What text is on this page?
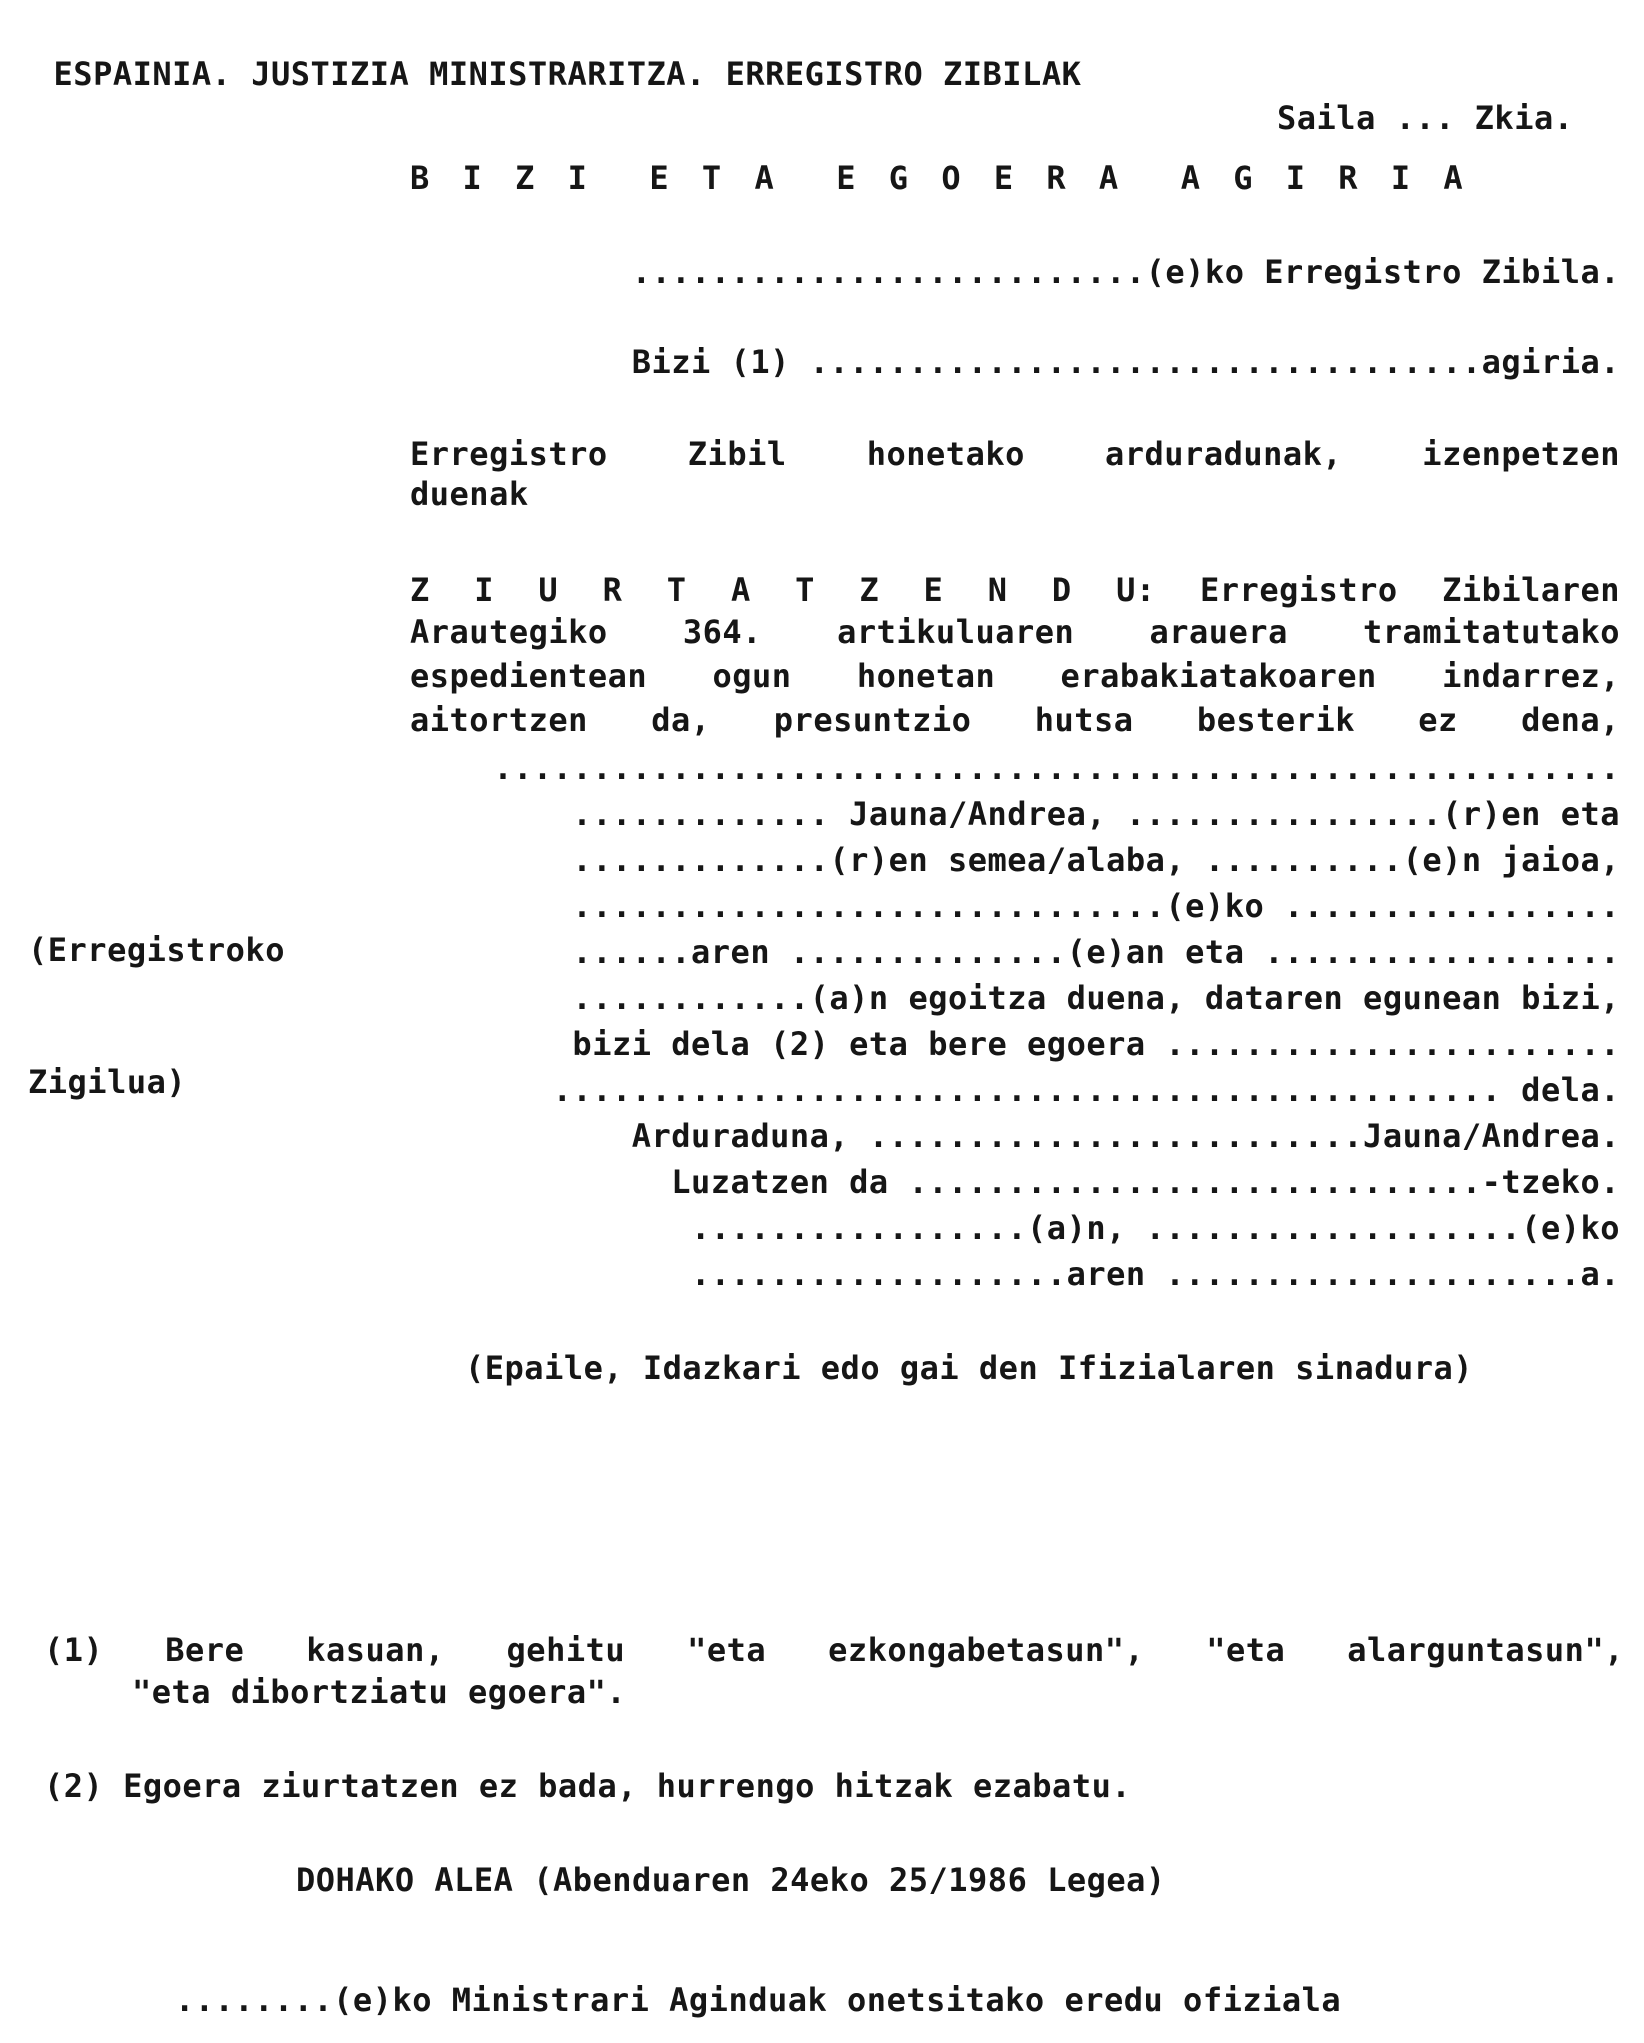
ESPAINIA. JUSTIZIA MINISTRARITZA. ERREGISTRO ZIBILAK

Saila ... Zkia.

B I Z I  E T A  E G O E R A  A G I R I A
..........................(e)ko Erregistro Zibila.
Bizi (1) ..................................agiria.
Erregistro	Zibil	honetako	arduradunak,	izenpetzen
duenak
Z I U R T A T Z E N D U: Erregistro Zibilaren
Arautegiko 364. artikuluaren arauera tramitatutako
espedientean ogun honetan erabakiatakoaren indarrez,
aitortzen da, presuntzio hutsa besterik ez dena,
.........................................................
............. Jauna/Andrea, ................(r)en eta
.............(r)en semea/alaba, ..........(e)n jaioa,
..............................(e)ko .................
......aren ..............(e)an eta ..................
............(a)n egoitza duena, dataren egunean bizi,
bizi dela (2) eta bere egoera .......................
................................................ dela.
Arduraduna, .........................Jauna/Andrea.
Luzatzen da .............................-tzeko.
.................(a)n, ...................(e)ko
...................aren .....................a.

(Erregistroko

Zigilua)

(Epaile, Idazkari edo gai den Ifizialaren sinadura)
(1) Bere kasuan, gehitu "eta ezkongabetasun", "eta alarguntasun",
"eta dibortziatu egoera".
(2) Egoera ziurtatzen ez bada, hurrengo hitzak ezabatu.
DOHAKO ALEA (Abenduaren 24eko 25/1986 Legea)
........(e)ko Ministrari Aginduak onetsitako eredu ofiziala
